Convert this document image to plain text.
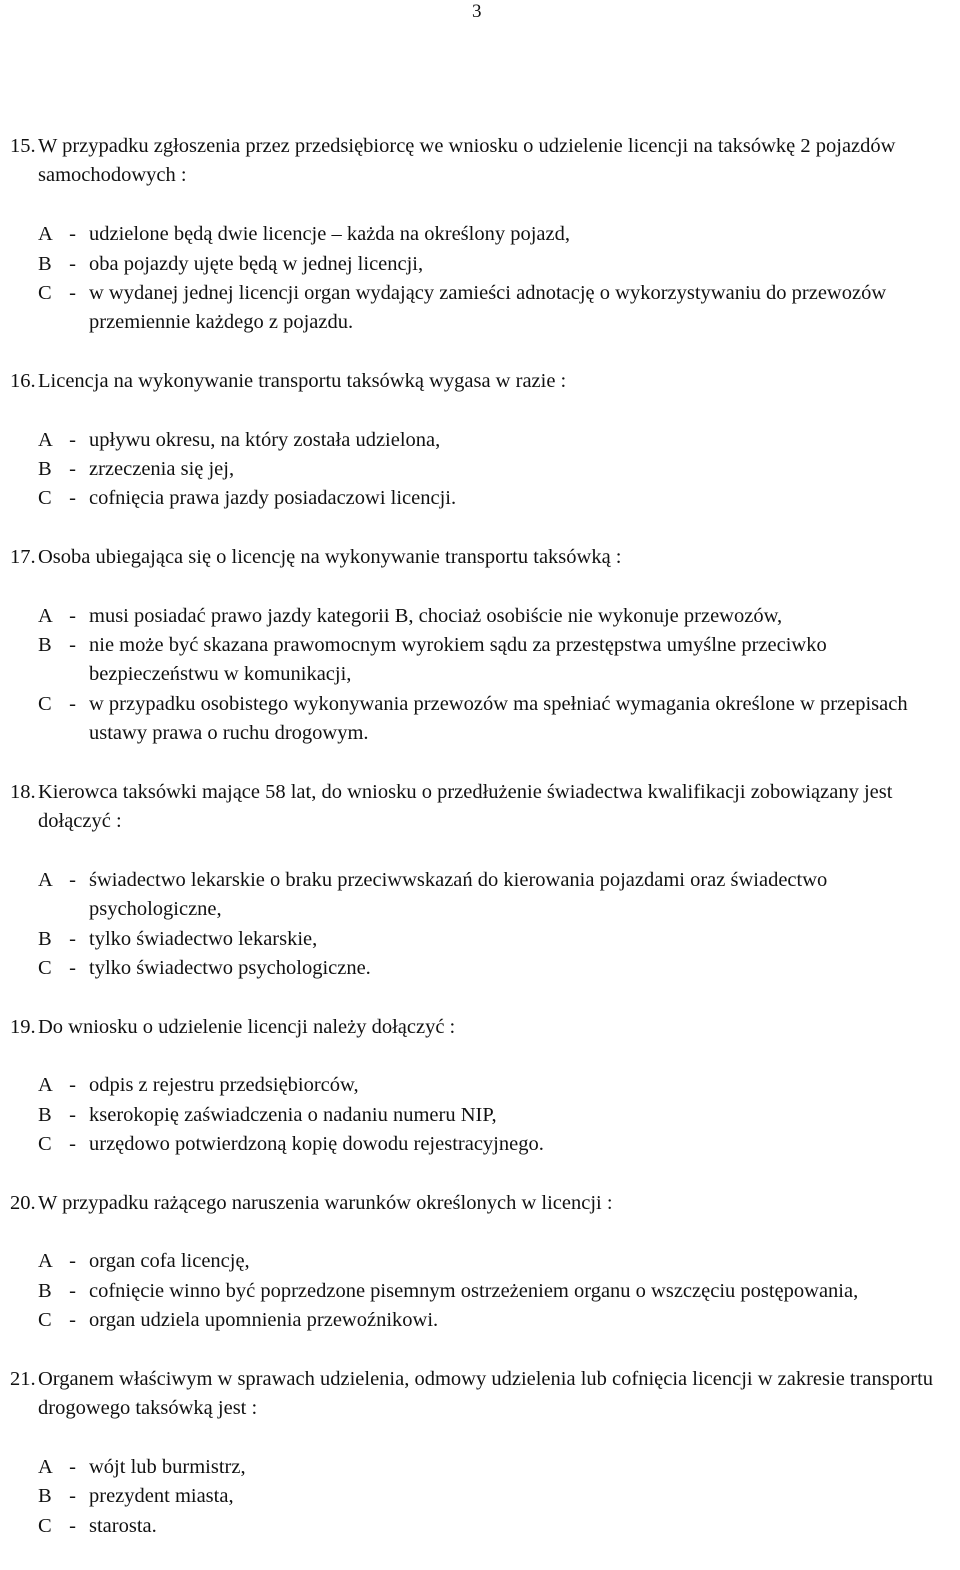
3
15. W przypadku zgłoszenia przez przedsiębiorcę we wniosku o udzielenie licencji na taksówkę 2 pojazdów samochodowych :
A - udzielone będą dwie licencje – każda na określony pojazd,
B - oba pojazdy ujęte będą w jednej licencji,
C - w wydanej jednej licencji organ wydający zamieści adnotację o wykorzystywaniu do przewozów przemiennie każdego z pojazdu.
16. Licencja na wykonywanie transportu taksówką wygasa w razie :
A - upływu okresu, na który została udzielona,
B - zrzeczenia się jej,
C - cofnięcia prawa jazdy posiadaczowi licencji.
17. Osoba ubiegająca się o licencję na wykonywanie transportu taksówką :
A - musi posiadać prawo jazdy kategorii B, chociaż osobiście nie wykonuje przewozów,
B - nie może być skazana prawomocnym wyrokiem sądu za przestępstwa umyślne przeciwko bezpieczeństwu w komunikacji,
C - w przypadku osobistego wykonywania przewozów ma spełniać wymagania określone w przepisach ustawy prawa o ruchu drogowym.
18. Kierowca taksówki mające 58 lat, do wniosku o przedłużenie świadectwa kwalifikacji zobowiązany jest dołączyć :
A - świadectwo lekarskie o braku przeciwwskazań do kierowania pojazdami oraz świadectwo psychologiczne,
B - tylko świadectwo lekarskie,
C - tylko świadectwo psychologiczne.
19. Do wniosku o udzielenie licencji należy dołączyć :
A - odpis z rejestru przedsiębiorców,
B - kserokopię zaświadczenia o nadaniu numeru NIP,
C - urzędowo potwierdzoną kopię dowodu rejestracyjnego.
20. W przypadku rażącego naruszenia warunków określonych w licencji :
A - organ cofa licencję,
B - cofnięcie winno być poprzedzone pisemnym ostrzeżeniem organu o wszczęciu postępowania,
C - organ udziela upomnienia przewoźnikowi.
21. Organem właściwym w sprawach udzielenia, odmowy udzielenia lub cofnięcia licencji w zakresie transportu drogowego taksówką jest :
A - wójt lub burmistrz,
B - prezydent miasta,
C - starosta.
